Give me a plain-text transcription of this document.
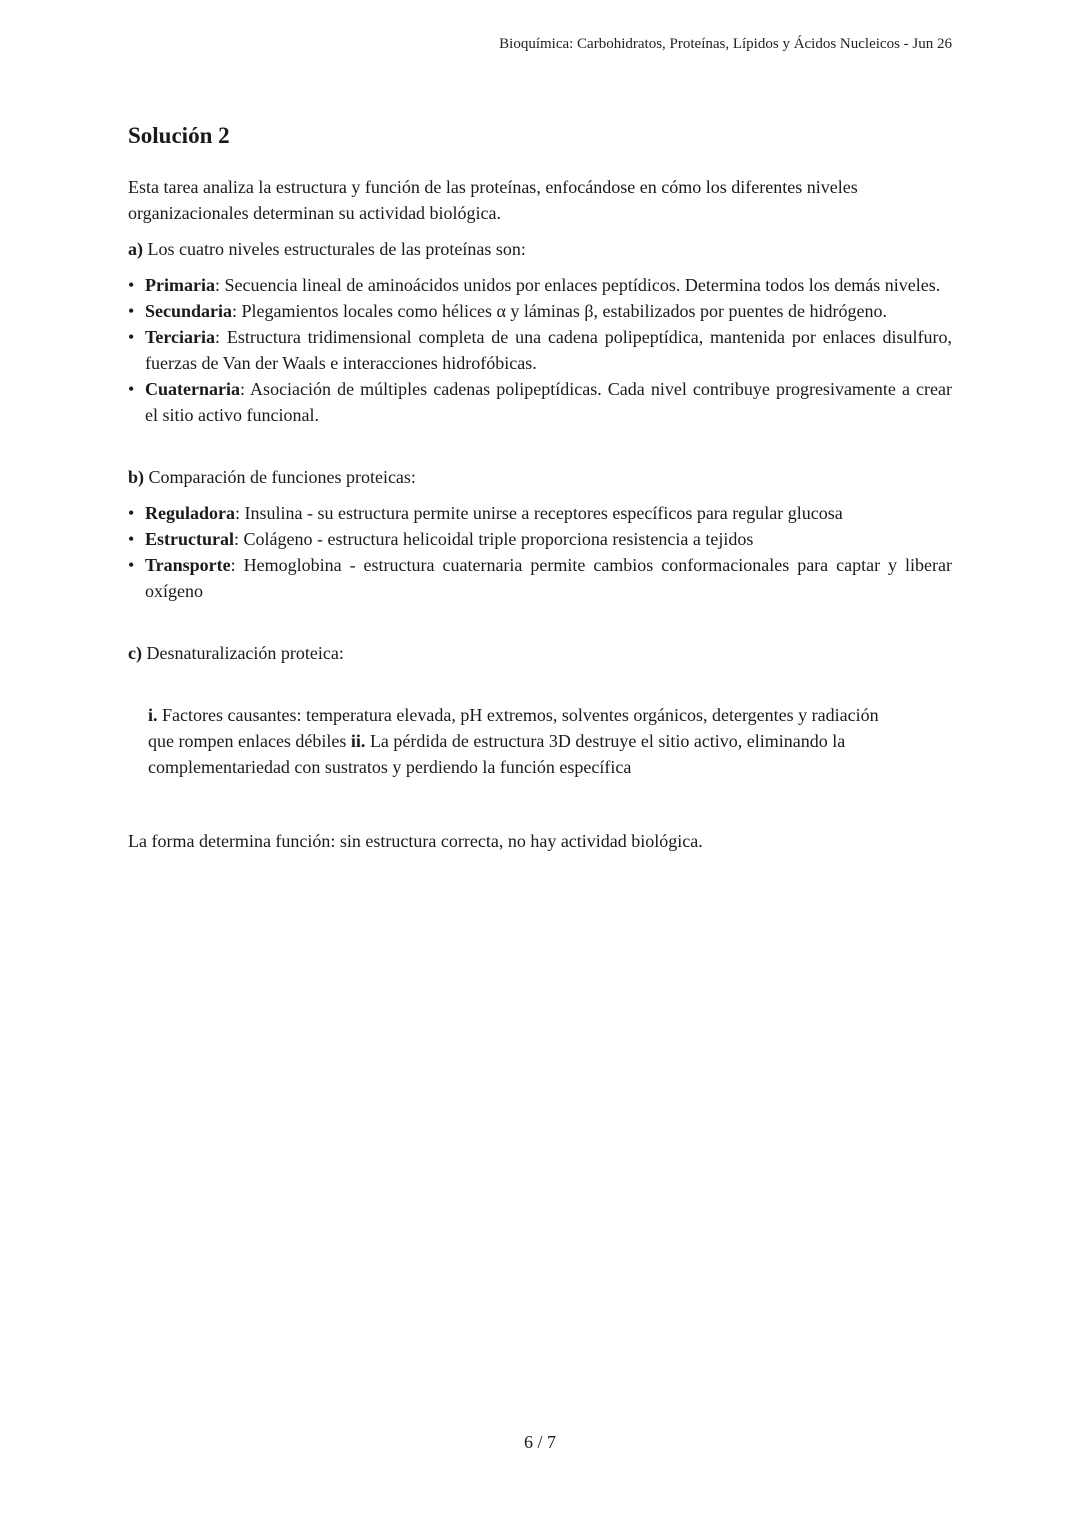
Bioquímica: Carbohidratos, Proteínas, Lípidos y Ácidos Nucleicos - Jun 26
Solución 2

Esta tarea analiza la estructura y función de las proteínas, enfocándose en cómo los diferentes niveles organizacionales determinan su actividad biológica.

a) Los cuatro niveles estructurales de las proteínas son:

• Primaria: Secuencia lineal de aminoácidos unidos por enlaces peptídicos. Determina todos los demás niveles.
• Secundaria: Plegamientos locales como hélices α y láminas β, estabilizados por puentes de hidrógeno.
• Terciaria: Estructura tridimensional completa de una cadena polipeptídica, mantenida por enlaces disulfuro, fuerzas de Van der Waals e interacciones hidrofóbicas.
• Cuaternaria: Asociación de múltiples cadenas polipeptídicas. Cada nivel contribuye progresivamente a crear el sitio activo funcional.

b) Comparación de funciones proteicas:

• Reguladora: Insulina - su estructura permite unirse a receptores específicos para regular glucosa
• Estructural: Colágeno - estructura helicoidal triple proporciona resistencia a tejidos
• Transporte: Hemoglobina - estructura cuaternaria permite cambios conformacionales para captar y liberar oxígeno

c) Desnaturalización proteica:

i. Factores causantes: temperatura elevada, pH extremos, solventes orgánicos, detergentes y radiación que rompen enlaces débiles ii. La pérdida de estructura 3D destruye el sitio activo, eliminando la complementariedad con sustratos y perdiendo la función específica

La forma determina función: sin estructura correcta, no hay actividad biológica.

6 / 7
